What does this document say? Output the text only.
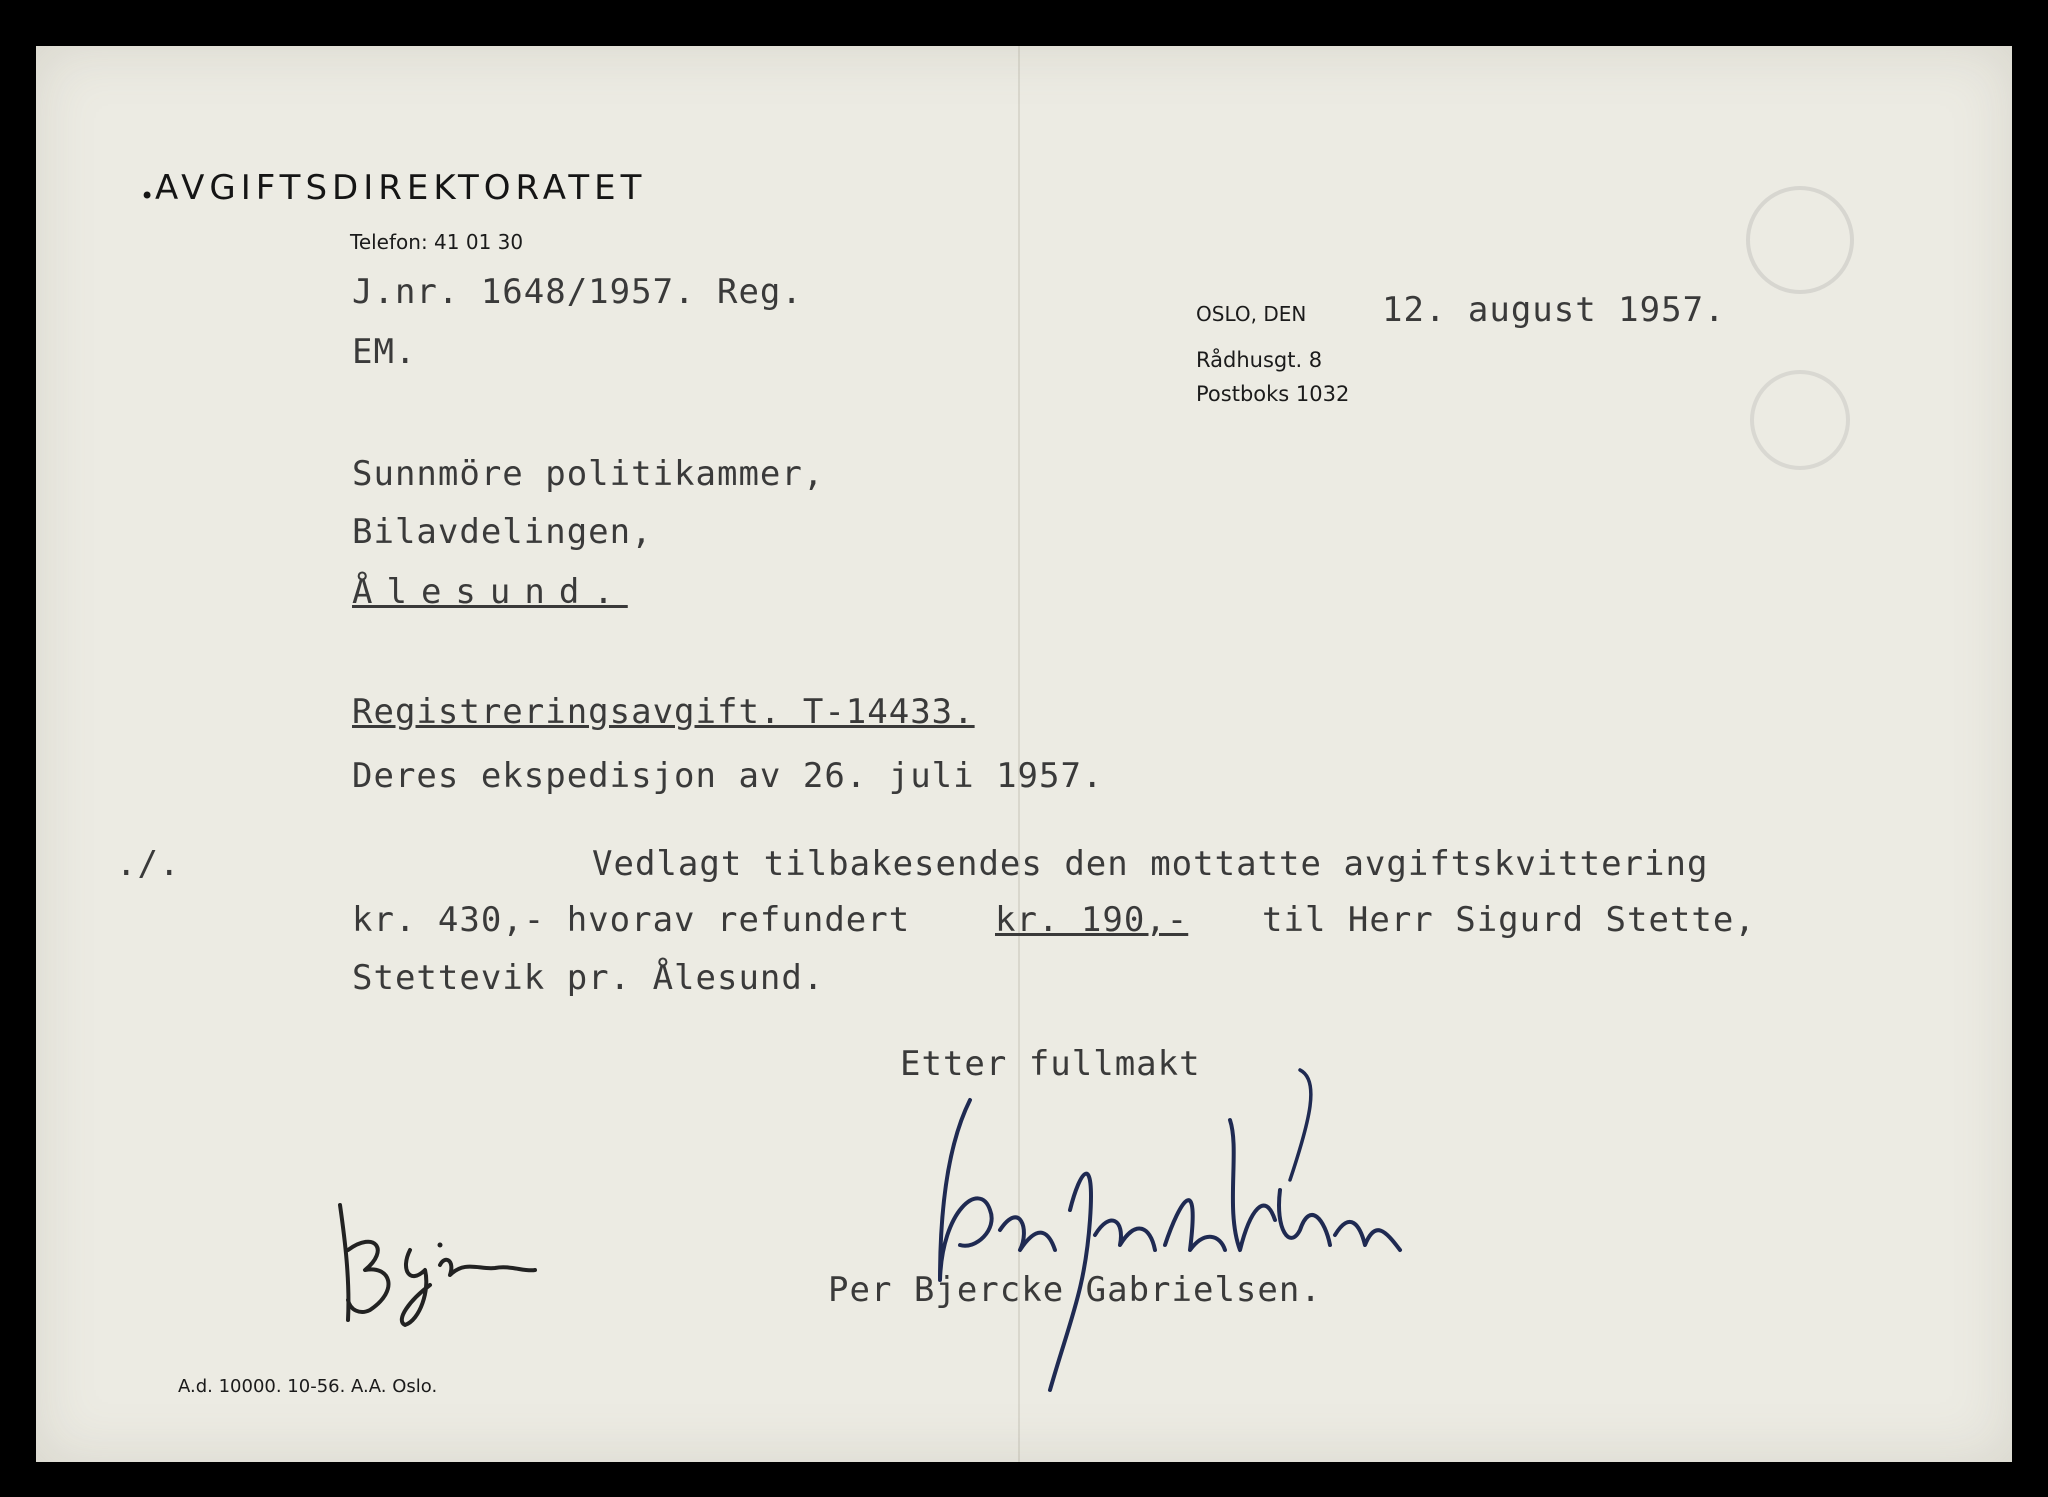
• AVGIFTSDIREKTORATET

Telefon: 41 01 30

J.nr. 1648/1957. Reg.

EM.

OSLO, DEN 12. august 1957.

Rådhusgt. 8

Postboks 1032

Sunnmöre politikammer,

Bilavdelingen,

Ålesund.

Registreringsavgift. T-14433.

Deres ekspedisjon av 26. juli 1957.

./.	Vedlagt tilbakesendes den mottatte avgiftskvittering

kr. 430,- hvorav refundert kr. 190,- til Herr Sigurd Stette,

Stettevik pr. Ålesund.

Etter fullmakt

Per Bjercke Gabrielsen.

A.d. 10000. 10-56. A.A. Oslo.
